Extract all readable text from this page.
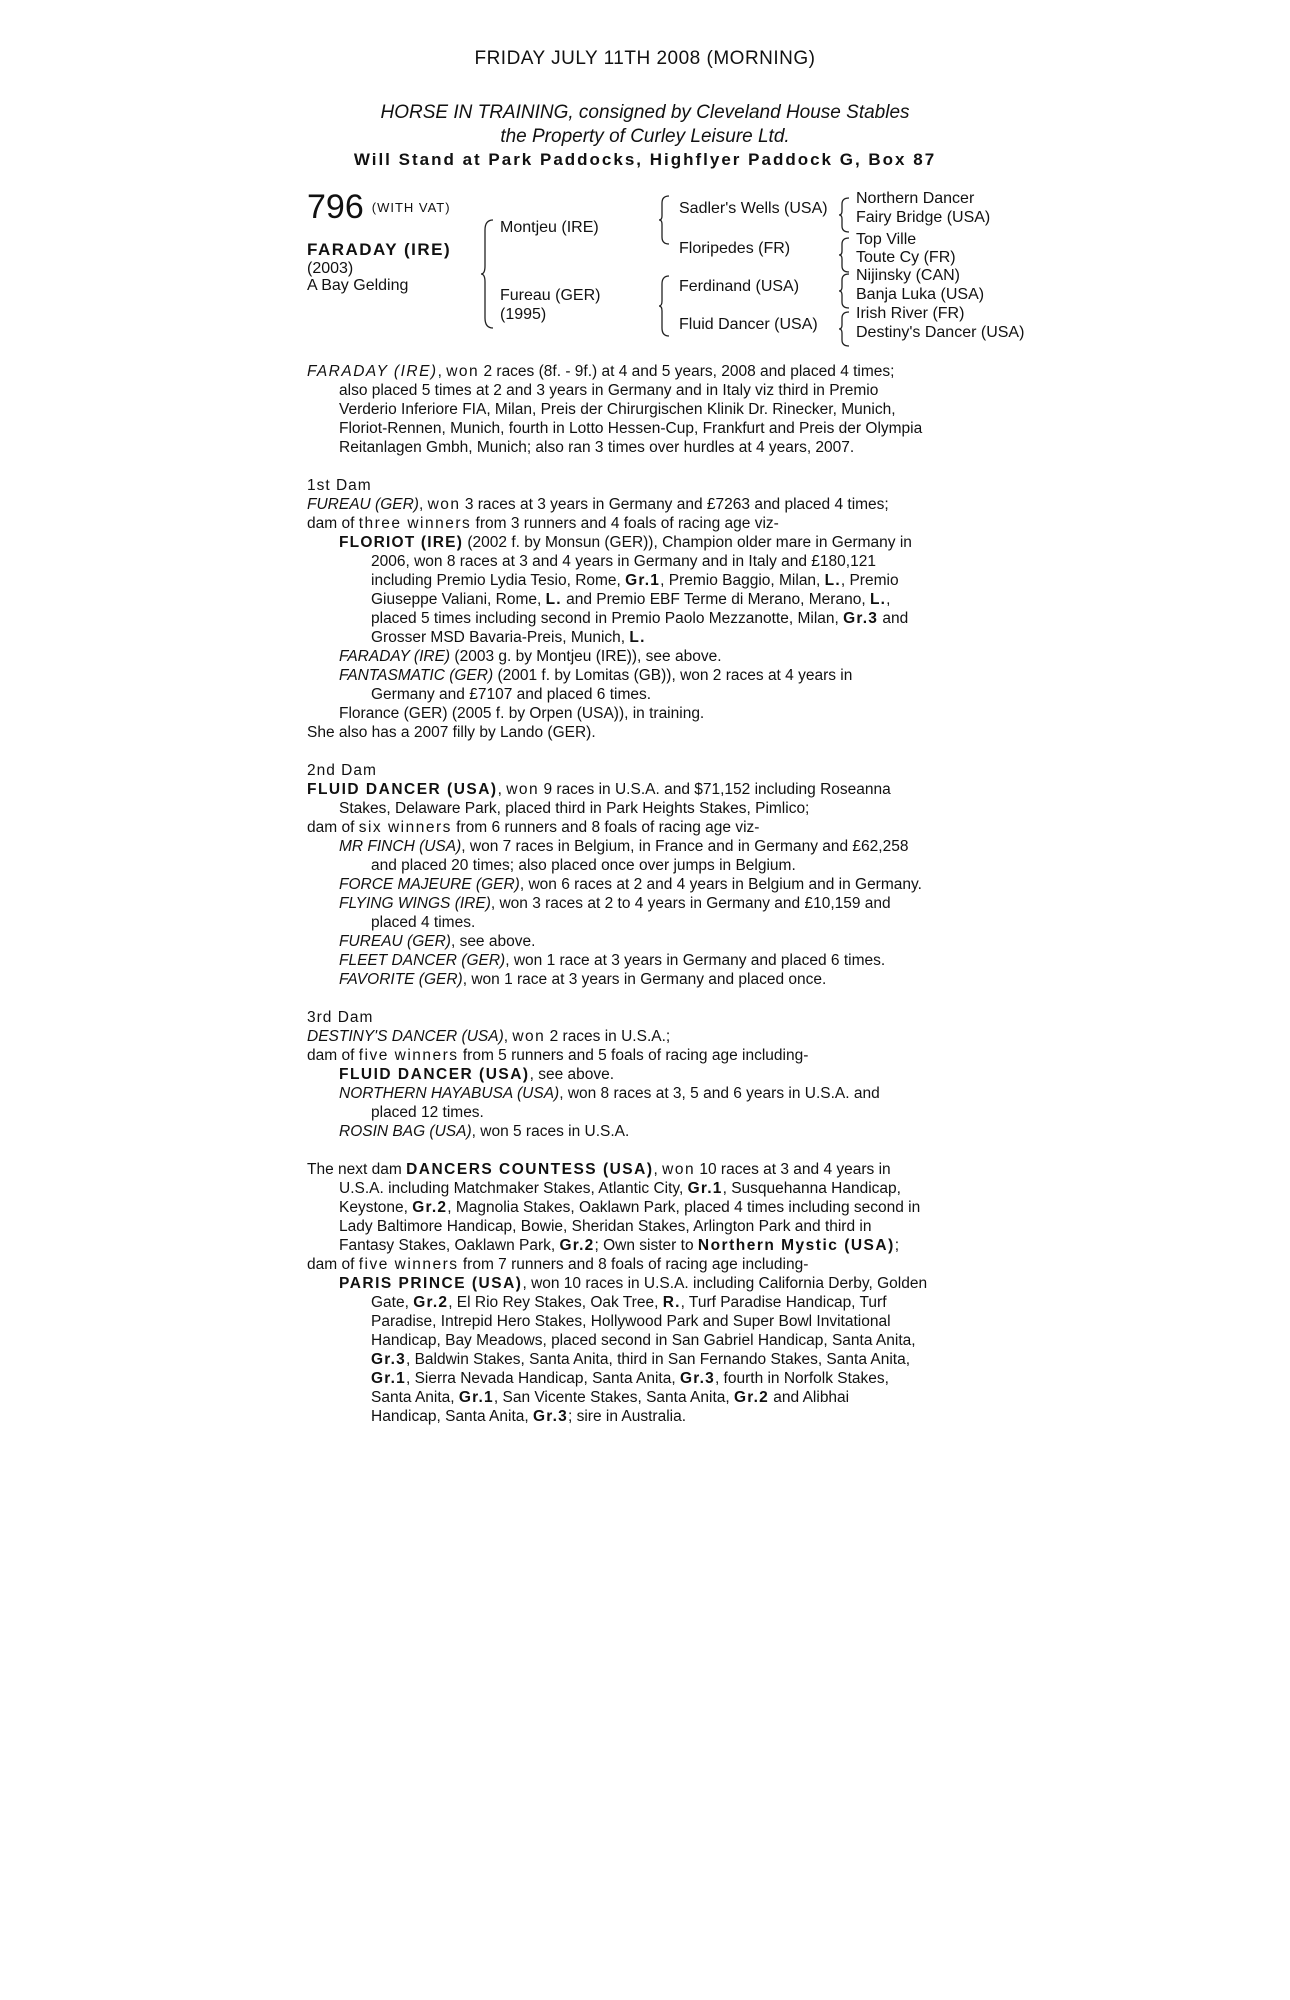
FRIDAY JULY 11TH 2008 (MORNING)
HORSE IN TRAINING, consigned by Cleveland House Stables
the Property of Curley Leisure Ltd.
Will Stand at Park Paddocks, Highflyer Paddock G, Box 87
796 (WITH VAT)
FARADAY (IRE)
(2003)
A Bay Gelding
Montjeu (IRE)
Fureau (GER)
(1995)
Sadler's Wells (USA)
Floripedes (FR)
Ferdinand (USA)
Fluid Dancer (USA)
Northern Dancer
Fairy Bridge (USA)
Top Ville
Toute Cy (FR)
Nijinsky (CAN)
Banja Luka (USA)
Irish River (FR)
Destiny's Dancer (USA)

FARADAY (IRE), won 2 races (8f. - 9f.) at 4 and 5 years, 2008 and placed 4 times;

also placed 5 times at 2 and 3 years in Germany and in Italy viz third in Premio

Verderio Inferiore FIA, Milan, Preis der Chirurgischen Klinik Dr. Rinecker, Munich,

Floriot-Rennen, Munich, fourth in Lotto Hessen-Cup, Frankfurt and Preis der Olympia

Reitanlagen Gmbh, Munich; also ran 3 times over hurdles at 4 years, 2007.

1st Dam

FUREAU (GER), won 3 races at 3 years in Germany and £7263 and placed 4 times;

dam of three winners from 3 runners and 4 foals of racing age viz-

FLORIOT (IRE) (2002 f. by Monsun (GER)), Champion older mare in Germany in

2006, won 8 races at 3 and 4 years in Germany and in Italy and £180,121

including Premio Lydia Tesio, Rome, Gr.1, Premio Baggio, Milan, L., Premio

Giuseppe Valiani, Rome, L. and Premio EBF Terme di Merano, Merano, L.,

placed 5 times including second in Premio Paolo Mezzanotte, Milan, Gr.3 and

Grosser MSD Bavaria-Preis, Munich, L.

FARADAY (IRE) (2003 g. by Montjeu (IRE)), see above.

FANTASMATIC (GER) (2001 f. by Lomitas (GB)), won 2 races at 4 years in

Germany and £7107 and placed 6 times.

Florance (GER) (2005 f. by Orpen (USA)), in training.

She also has a 2007 filly by Lando (GER).

2nd Dam

FLUID DANCER (USA), won 9 races in U.S.A. and $71,152 including Roseanna

Stakes, Delaware Park, placed third in Park Heights Stakes, Pimlico;

dam of six winners from 6 runners and 8 foals of racing age viz-

MR FINCH (USA), won 7 races in Belgium, in France and in Germany and £62,258

and placed 20 times; also placed once over jumps in Belgium.

FORCE MAJEURE (GER), won 6 races at 2 and 4 years in Belgium and in Germany.

FLYING WINGS (IRE), won 3 races at 2 to 4 years in Germany and £10,159 and

placed 4 times.

FUREAU (GER), see above.

FLEET DANCER (GER), won 1 race at 3 years in Germany and placed 6 times.

FAVORITE (GER), won 1 race at 3 years in Germany and placed once.

3rd Dam

DESTINY'S DANCER (USA), won 2 races in U.S.A.;

dam of five winners from 5 runners and 5 foals of racing age including-

FLUID DANCER (USA), see above.

NORTHERN HAYABUSA (USA), won 8 races at 3, 5 and 6 years in U.S.A. and

placed 12 times.

ROSIN BAG (USA), won 5 races in U.S.A.

The next dam DANCERS COUNTESS (USA), won 10 races at 3 and 4 years in

U.S.A. including Matchmaker Stakes, Atlantic City, Gr.1, Susquehanna Handicap,

Keystone, Gr.2, Magnolia Stakes, Oaklawn Park, placed 4 times including second in

Lady Baltimore Handicap, Bowie, Sheridan Stakes, Arlington Park and third in

Fantasy Stakes, Oaklawn Park, Gr.2; Own sister to Northern Mystic (USA);

dam of five winners from 7 runners and 8 foals of racing age including-

PARIS PRINCE (USA), won 10 races in U.S.A. including California Derby, Golden

Gate, Gr.2, El Rio Rey Stakes, Oak Tree, R., Turf Paradise Handicap, Turf

Paradise, Intrepid Hero Stakes, Hollywood Park and Super Bowl Invitational

Handicap, Bay Meadows, placed second in San Gabriel Handicap, Santa Anita,

Gr.3, Baldwin Stakes, Santa Anita, third in San Fernando Stakes, Santa Anita,

Gr.1, Sierra Nevada Handicap, Santa Anita, Gr.3, fourth in Norfolk Stakes,

Santa Anita, Gr.1, San Vicente Stakes, Santa Anita, Gr.2 and Alibhai

Handicap, Santa Anita, Gr.3; sire in Australia.
